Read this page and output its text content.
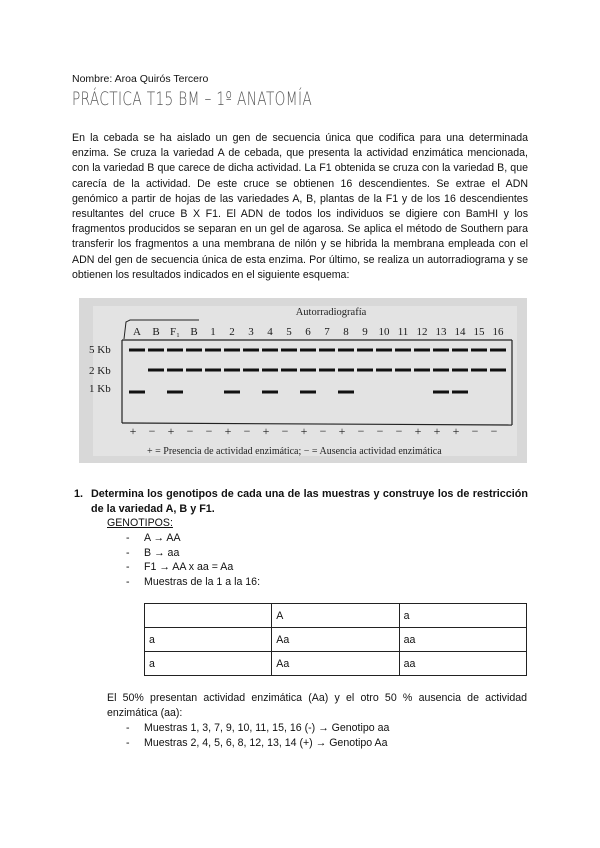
Nombre: Aroa Quirós Tercero
PRÁCTICA T15 BM – 1º ANATOMÍA

En la cebada se ha aislado un gen de secuencia única que codifica para una determinada enzima. Se cruza la variedad A de cebada, que presenta la actividad enzimática mencionada, con la variedad B que carece de dicha actividad. La F1 obtenida se cruza con la variedad B, que carecía de la actividad. De este cruce se obtienen 16 descendientes. Se extrae el ADN genómico a partir de hojas de las variedades A, B, plantas de la F1 y de los 16 descendientes resultantes del cruce B X F1. El ADN de todos los individuos se digiere con BamHI y los fragmentos producidos se separan en un gel de agarosa. Se aplica el método de Southern para transferir los fragmentos a una membrana de nilón y se hibrida la membrana empleada con el ADN del gen de secuencia única de esta enzima. Por último, se realiza un autorradiograma y se obtienen los resultados indicados en el siguiente esquema:

Autorradiografía
A B F₁ B 1 2 3 4 5 6 7 8 9 10 11 12 13 14 15 16
5 Kb
2 Kb
1 Kb
+ − + − − + − + − + − + − − − + + + − −
+ = Presencia de actividad enzimática; − = Ausencia actividad enzimática
1. Determina los genotipos de cada una de las muestras y construye los de restricción de la variedad A, B y F1.
GENOTIPOS:
- A → AA
- B → aa
- F1 → AA x aa = Aa
- Muestras de la 1 a la 16:
	A	a
a	Aa	aa
a	Aa	aa

El 50% presentan actividad enzimática (Aa) y el otro 50 % ausencia de actividad enzimática (aa):

- Muestras 1, 3, 7, 9, 10, 11, 15, 16 (-) → Genotipo aa
- Muestras 2, 4, 5, 6, 8, 12, 13, 14 (+) → Genotipo Aa
